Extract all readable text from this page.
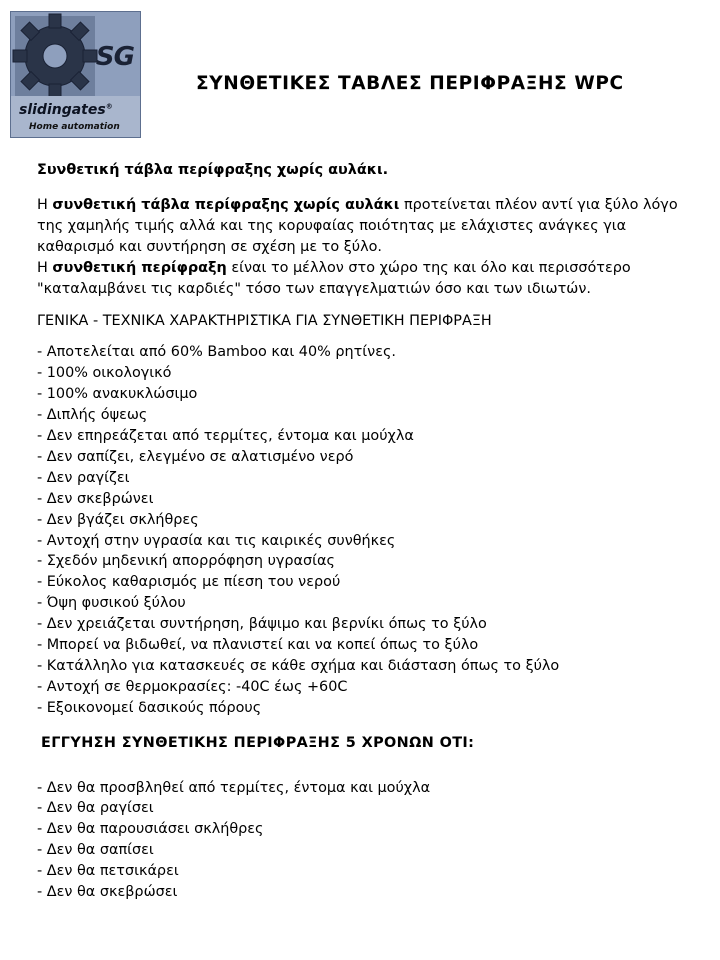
SG
slidingates®
Home automation
ΣΥΝΘΕΤΙΚΕΣ ΤΑΒΛΕΣ ΠΕΡΙΦΡΑΞΗΣ WPC

Συνθετική τάβλα περίφραξης χωρίς αυλάκι.

Η συνθετική τάβλα περίφραξης χωρίς αυλάκι προτείνεται πλέον αντί για ξύλο λόγο της χαμηλής τιμής αλλά και της κορυφαίας ποιότητας με ελάχιστες ανάγκες για καθαρισμό και συντήρηση σε σχέση με το ξύλο.
Η συνθετική περίφραξη είναι το μέλλον στο χώρο της και όλο και περισσότερο "καταλαμβάνει τις καρδιές" τόσο των επαγγελματιών όσο και των ιδιωτών.

ΓΕΝΙΚΑ - ΤΕΧΝΙΚΑ ΧΑΡΑΚΤΗΡΙΣΤΙΚΑ ΓΙΑ ΣΥΝΘΕΤΙΚΗ ΠΕΡΙΦΡΑΞΗ

- Αποτελείται από 60% Bamboo και 40% ρητίνες.
- 100% οικολογικό
- 100% ανακυκλώσιμο
- Διπλής όψεως
- Δεν επηρεάζεται από τερμίτες, έντομα και μούχλα
- Δεν σαπίζει, ελεγμένο σε αλατισμένο νερό
- Δεν ραγίζει
- Δεν σκεβρώνει
- Δεν βγάζει σκλήθρες
- Αντοχή στην υγρασία και τις καιρικές συνθήκες
- Σχεδόν μηδενική απορρόφηση υγρασίας
- Εύκολος καθαρισμός με πίεση του νερού
- Όψη φυσικού ξύλου
- Δεν χρειάζεται συντήρηση, βάψιμο και βερνίκι όπως το ξύλο
- Μπορεί να βιδωθεί, να πλανιστεί και να κοπεί όπως το ξύλο
- Κατάλληλο για κατασκευές σε κάθε σχήμα και διάσταση όπως το ξύλο
- Αντοχή σε θερμοκρασίες: -40C έως +60C
- Εξοικονομεί δασικούς πόρους

ΕΓΓΥΗΣΗ ΣΥΝΘΕΤΙΚΗΣ ΠΕΡΙΦΡΑΞΗΣ 5 ΧΡΟΝΩΝ ΟΤΙ:

- Δεν θα προσβληθεί από τερμίτες, έντομα και μούχλα
- Δεν θα ραγίσει
- Δεν θα παρουσιάσει σκλήθρες
- Δεν θα σαπίσει
- Δεν θα πετσικάρει
- Δεν θα σκεβρώσει
